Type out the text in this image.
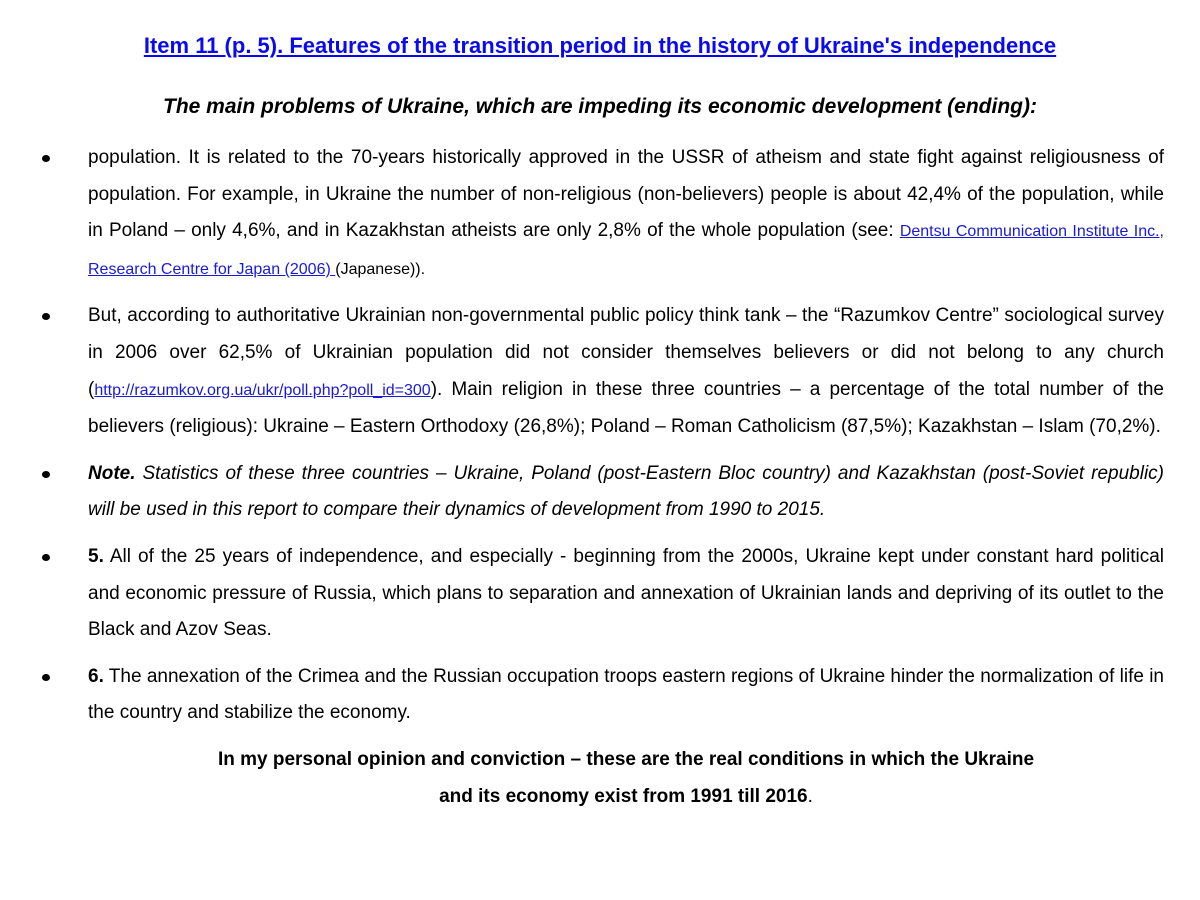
Item 11 (p. 5). Features of the transition period in the history of Ukraine's independence
The main problems of Ukraine, which are impeding its economic development (ending):
population. It is related to the 70-years historically approved in the USSR of atheism and state fight against religiousness of population. For example, in Ukraine the number of non-religious (non-believers) people is about 42,4% of the population, while in Poland – only 4,6%, and in Kazakhstan atheists are only 2,8% of the whole population (see: Dentsu Communication Institute Inc., Research Centre for Japan (2006) (Japanese)).
But, according to authoritative Ukrainian non-governmental public policy think tank – the “Razumkov Centre” sociological survey in 2006 over 62,5% of Ukrainian population did not consider themselves believers or did not belong to any church (http://razumkov.org.ua/ukr/poll.php?poll_id=300). Main religion in these three countries – a percentage of the total number of the believers (religious): Ukraine – Eastern Orthodoxy (26,8%); Poland – Roman Catholicism (87,5%); Kazakhstan – Islam (70,2%).
Note. Statistics of these three countries – Ukraine, Poland (post-Eastern Bloc country) and Kazakhstan (post-Soviet republic) will be used in this report to compare their dynamics of development from 1990 to 2015.
5. All of the 25 years of independence, and especially - beginning from the 2000s, Ukraine kept under constant hard political and economic pressure of Russia, which plans to separation and annexation of Ukrainian lands and depriving of its outlet to the Black and Azov Seas.
6. The annexation of the Crimea and the Russian occupation troops eastern regions of Ukraine hinder the normalization of life in the country and stabilize the economy.
In my personal opinion and conviction – these are the real conditions in which the Ukraine
and its economy exist from 1991 till 2016.
